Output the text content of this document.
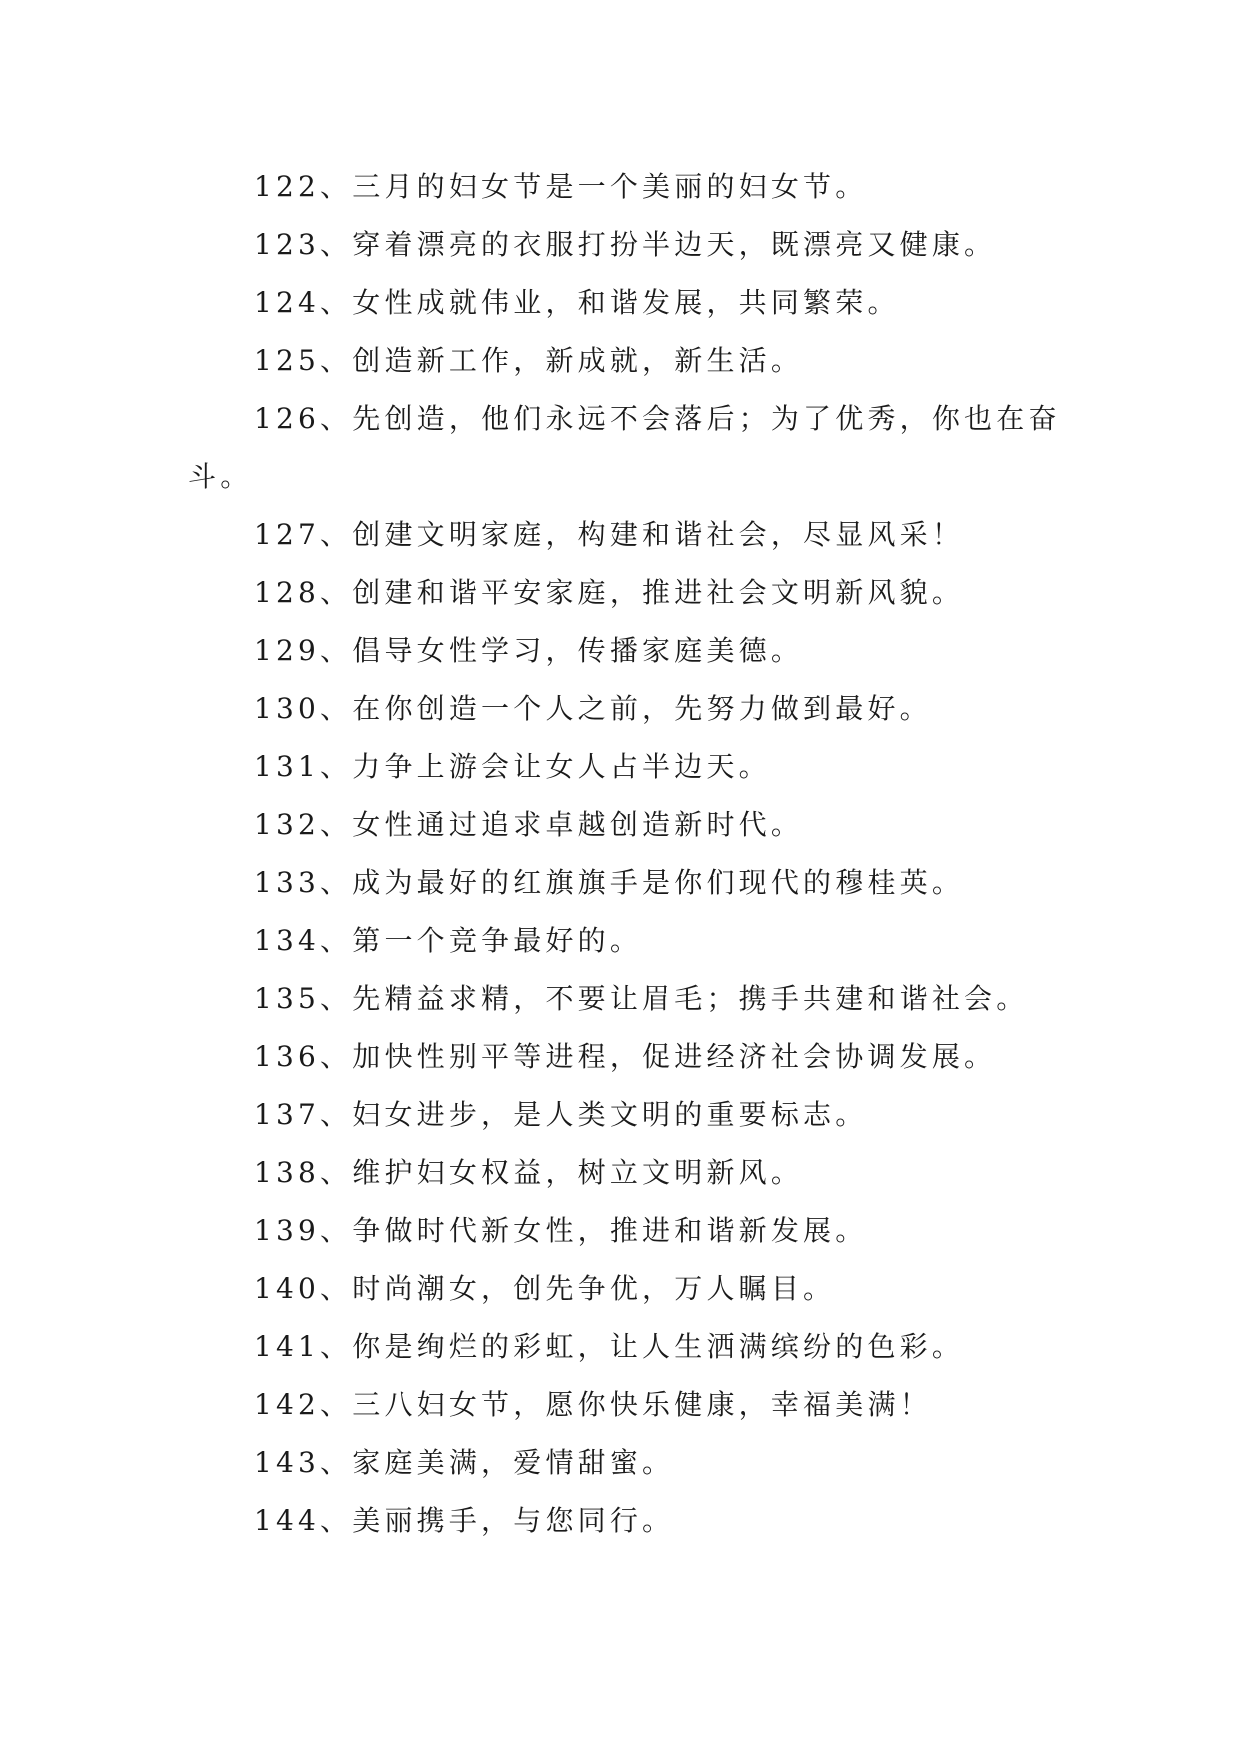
122、三月的妇女节是一个美丽的妇女节。

123、穿着漂亮的衣服打扮半边天，既漂亮又健康。

124、女性成就伟业，和谐发展，共同繁荣。

125、创造新工作，新成就，新生活。

126、先创造，他们永远不会落后；为了优秀，你也在奋斗。

127、创建文明家庭，构建和谐社会，尽显风采！

128、创建和谐平安家庭，推进社会文明新风貌。

129、倡导女性学习，传播家庭美德。

130、在你创造一个人之前，先努力做到最好。

131、力争上游会让女人占半边天。

132、女性通过追求卓越创造新时代。

133、成为最好的红旗旗手是你们现代的穆桂英。

134、第一个竞争最好的。

135、先精益求精，不要让眉毛；携手共建和谐社会。

136、加快性别平等进程，促进经济社会协调发展。

137、妇女进步，是人类文明的重要标志。

138、维护妇女权益，树立文明新风。

139、争做时代新女性，推进和谐新发展。

140、时尚潮女，创先争优，万人瞩目。

141、你是绚烂的彩虹，让人生洒满缤纷的色彩。

142、三八妇女节，愿你快乐健康，幸福美满！

143、家庭美满，爱情甜蜜。

144、美丽携手，与您同行。
